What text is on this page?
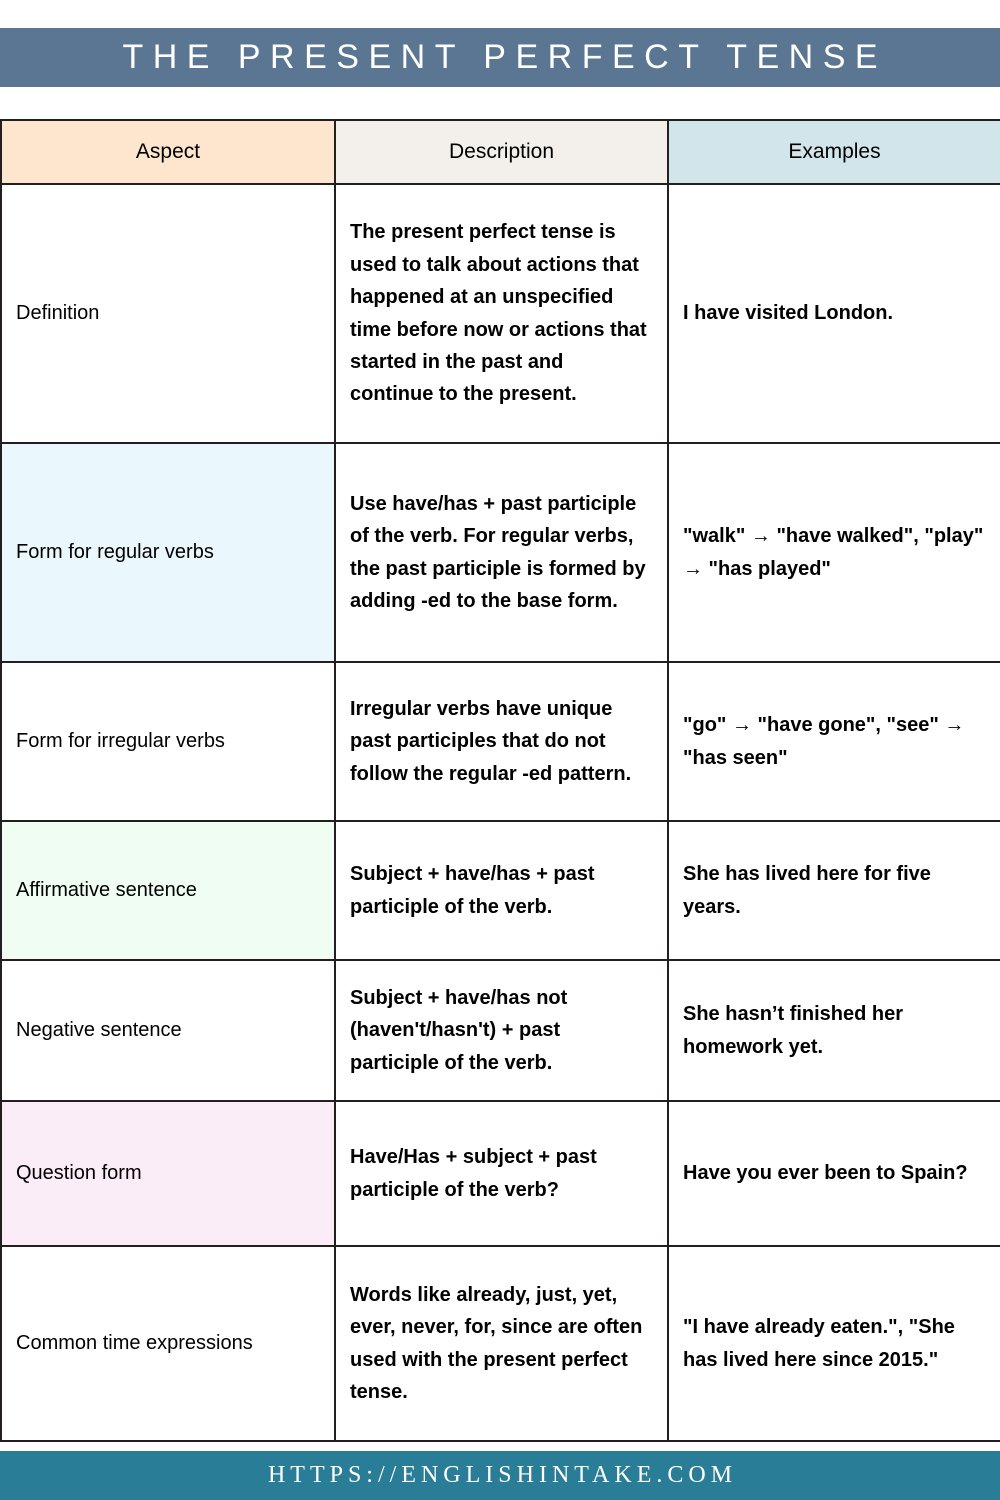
THE PRESENT PERFECT TENSE
Aspect	Description	Examples
Definition	The present perfect tense is used to talk about actions that happened at an unspecified time before now or actions that started in the past and continue to the present.	I have visited London.
Form for regular verbs	Use have/has + past participle of the verb. For regular verbs, the past participle is formed by adding -ed to the base form.	"walk" → "have walked", "play" → "has played"
Form for irregular verbs	Irregular verbs have unique past participles that do not follow the regular -ed pattern.	"go" → "have gone", "see" → "has seen"
Affirmative sentence	Subject + have/has + past participle of the verb.	She has lived here for five years.
Negative sentence	Subject + have/has not (haven't/hasn't) + past participle of the verb.	She hasn’t finished her homework yet.
Question form	Have/Has + subject + past participle of the verb?	Have you ever been to Spain?
Common time expressions	Words like already, just, yet, ever, never, for, since are often used with the present perfect tense.	"I have already eaten.", "She has lived here since 2015."
HTTPS://ENGLISHINTAKE.COM
